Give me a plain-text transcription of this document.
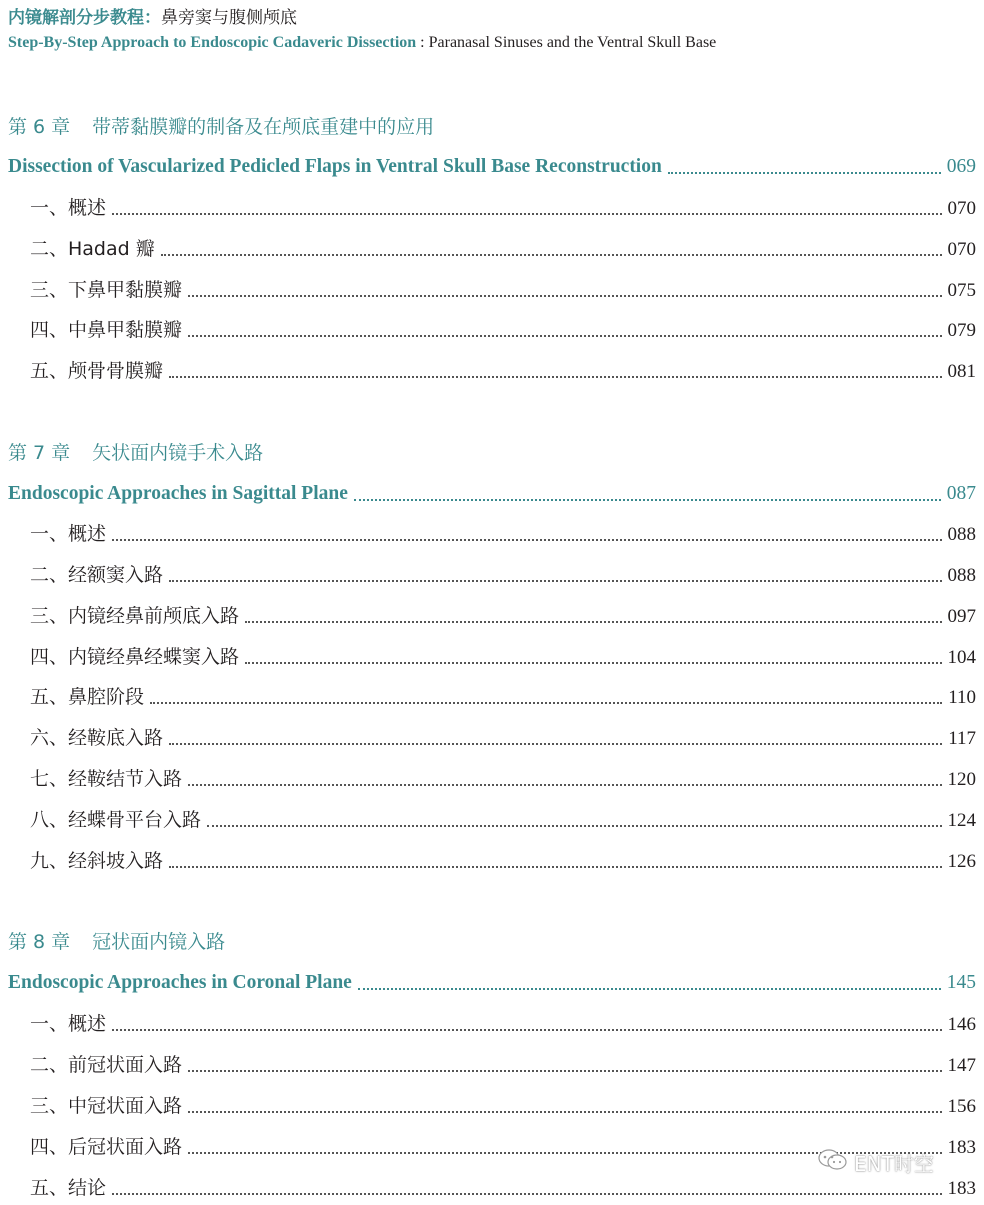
内镜解剖分步教程：鼻旁窦与腹侧颅底
Step-By-Step Approach to Endoscopic Cadaveric Dissection : Paranasal Sinuses and the Ventral Skull Base
第 6 章 带蒂黏膜瓣的制备及在颅底重建中的应用
Dissection of Vascularized Pedicled Flaps in Ventral Skull Base Reconstruction	069
一、概述	070
二、Hadad 瓣	070
三、下鼻甲黏膜瓣	075
四、中鼻甲黏膜瓣	079
五、颅骨骨膜瓣	081
第 7 章 矢状面内镜手术入路
Endoscopic Approaches in Sagittal Plane	087
一、概述	088
二、经额窦入路	088
三、内镜经鼻前颅底入路	097
四、内镜经鼻经蝶窦入路	104
五、鼻腔阶段	110
六、经鞍底入路	117
七、经鞍结节入路	120
八、经蝶骨平台入路	124
九、经斜坡入路	126
第 8 章 冠状面内镜入路
Endoscopic Approaches in Coronal Plane	145
一、概述	146
二、前冠状面入路	147
三、中冠状面入路	156
四、后冠状面入路	183
五、结论	183
ENT时空
